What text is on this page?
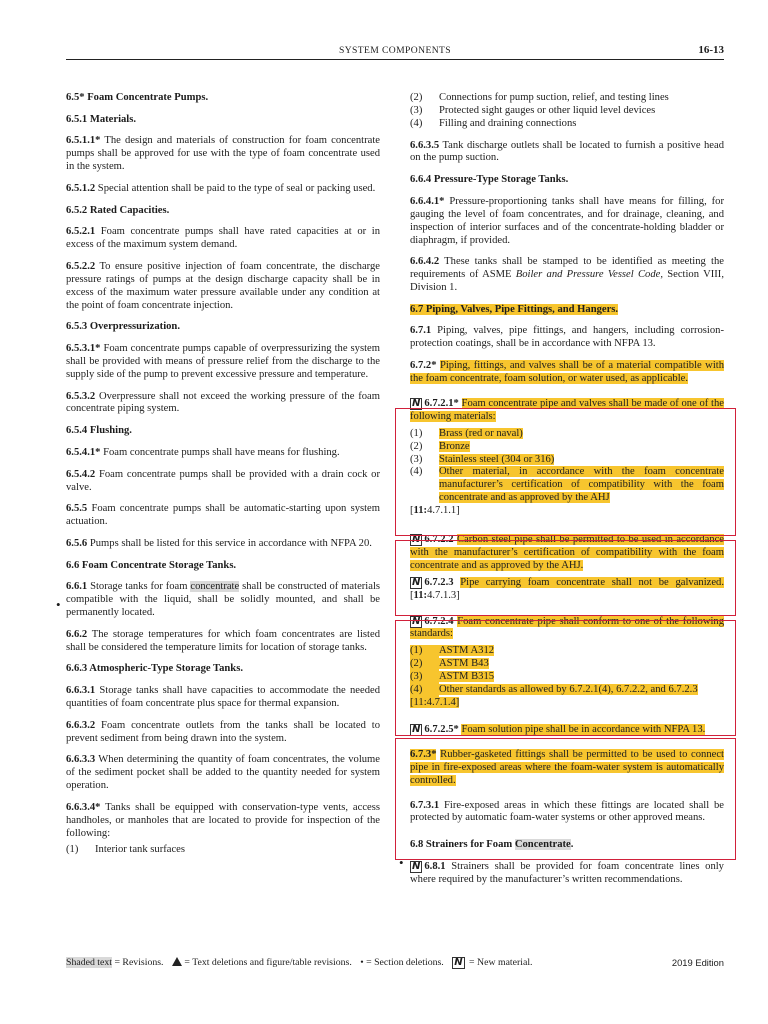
SYSTEM COMPONENTS	16-13

6.5* Foam Concentrate Pumps.

6.5.1 Materials.

6.5.1.1* The design and materials of construction for foam concentrate pumps shall be approved for use with the type of foam concentrate used in the system.

6.5.1.2 Special attention shall be paid to the type of seal or packing used.

6.5.2 Rated Capacities.

6.5.2.1 Foam concentrate pumps shall have rated capacities at or in excess of the maximum system demand.

6.5.2.2 To ensure positive injection of foam concentrate, the discharge pressure ratings of pumps at the design discharge capacity shall be in excess of the maximum water pressure available under any condition at the point of foam concentrate injection.

6.5.3 Overpressurization.

6.5.3.1* Foam concentrate pumps capable of overpressurizing the system shall be provided with means of pressure relief from the discharge to the supply side of the pump to prevent excessive pressure and temperature.

6.5.3.2 Overpressure shall not exceed the working pressure of the foam concentrate piping system.

6.5.4 Flushing.

6.5.4.1* Foam concentrate pumps shall have means for flushing.

6.5.4.2 Foam concentrate pumps shall be provided with a drain cock or valve.

6.5.5 Foam concentrate pumps shall be automatic-starting upon system actuation.

6.5.6 Pumps shall be listed for this service in accordance with NFPA 20.

6.6 Foam Concentrate Storage Tanks.

6.6.1 Storage tanks for foam concentrate shall be constructed of materials compatible with the liquid, shall be solidly mounted, and shall be permanently located.

6.6.2 The storage temperatures for which foam concentrates are listed shall be considered the temperature limits for location of storage tanks.

6.6.3 Atmospheric-Type Storage Tanks.

6.6.3.1 Storage tanks shall have capacities to accommodate the needed quantities of foam concentrate plus space for thermal expansion.

6.6.3.2 Foam concentrate outlets from the tanks shall be located to prevent sediment from being drawn into the system.

6.6.3.3 When determining the quantity of foam concentrates, the volume of the sediment pocket shall be added to the quantity needed for system operation.

6.6.3.4* Tanks shall be equipped with conservation-type vents, access handholes, or manholes that are located to provide for inspection of the following:

(1)	Interior tank surfaces
•
(2)	Connections for pump suction, relief, and testing lines
(3)	Protected sight gauges or other liquid level devices
(4)	Filling and draining connections

6.6.3.5 Tank discharge outlets shall be located to furnish a positive head on the pump suction.

6.6.4 Pressure-Type Storage Tanks.

6.6.4.1* Pressure-proportioning tanks shall have means for filling, for gauging the level of foam concentrates, and for drainage, cleaning, and inspection of interior surfaces and of the concentrate-holding bladder or diaphragm, if provided.

6.6.4.2 These tanks shall be stamped to be identified as meeting the requirements of ASME Boiler and Pressure Vessel Code, Section VIII, Division 1.

6.7 Piping, Valves, Pipe Fittings, and Hangers.

6.7.1 Piping, valves, pipe fittings, and hangers, including corrosion-protection coatings, shall be in accordance with NFPA 13.

6.7.2* Piping, fittings, and valves shall be of a material compatible with the foam concentrate, foam solution, or water used, as applicable.

N 6.7.2.1* Foam concentrate pipe and valves shall be made of one of the following materials:

(1)	Brass (red or naval)
(2)	Bronze
(3)	Stainless steel (304 or 316)
(4)	Other material, in accordance with the foam concentrate manufacturer’s certification of compatibility with the foam concentrate and as approved by the AHJ

[11:4.7.1.1]

N 6.7.2.2 Carbon steel pipe shall be permitted to be used in accordance with the manufacturer’s certification of compatibility with the foam concentrate and as approved by the AHJ.

N 6.7.2.3 Pipe carrying foam concentrate shall not be galvanized. [11:4.7.1.3]

N 6.7.2.4 Foam concentrate pipe shall conform to one of the following standards:

(1)	ASTM A312
(2)	ASTM B43
(3)	ASTM B315
(4)	Other standards as allowed by 6.7.2.1(4), 6.7.2.2, and 6.7.2.3

[11:4.7.1.4]

N 6.7.2.5* Foam solution pipe shall be in accordance with NFPA 13.

6.7.3* Rubber-gasketed fittings shall be permitted to be used to connect pipe in fire-exposed areas where the foam-water system is automatically controlled.

6.7.3.1 Fire-exposed areas in which these fittings are located shall be protected by automatic foam-water systems or other approved means.

6.8 Strainers for Foam Concentrate.

N 6.8.1 Strainers shall be provided for foam concentrate lines only where required by the manufacturer’s written recommendations.

•
Shaded text = Revisions. = Text deletions and figure/table revisions. • = Section deletions. N = New material.	2019 Edition
